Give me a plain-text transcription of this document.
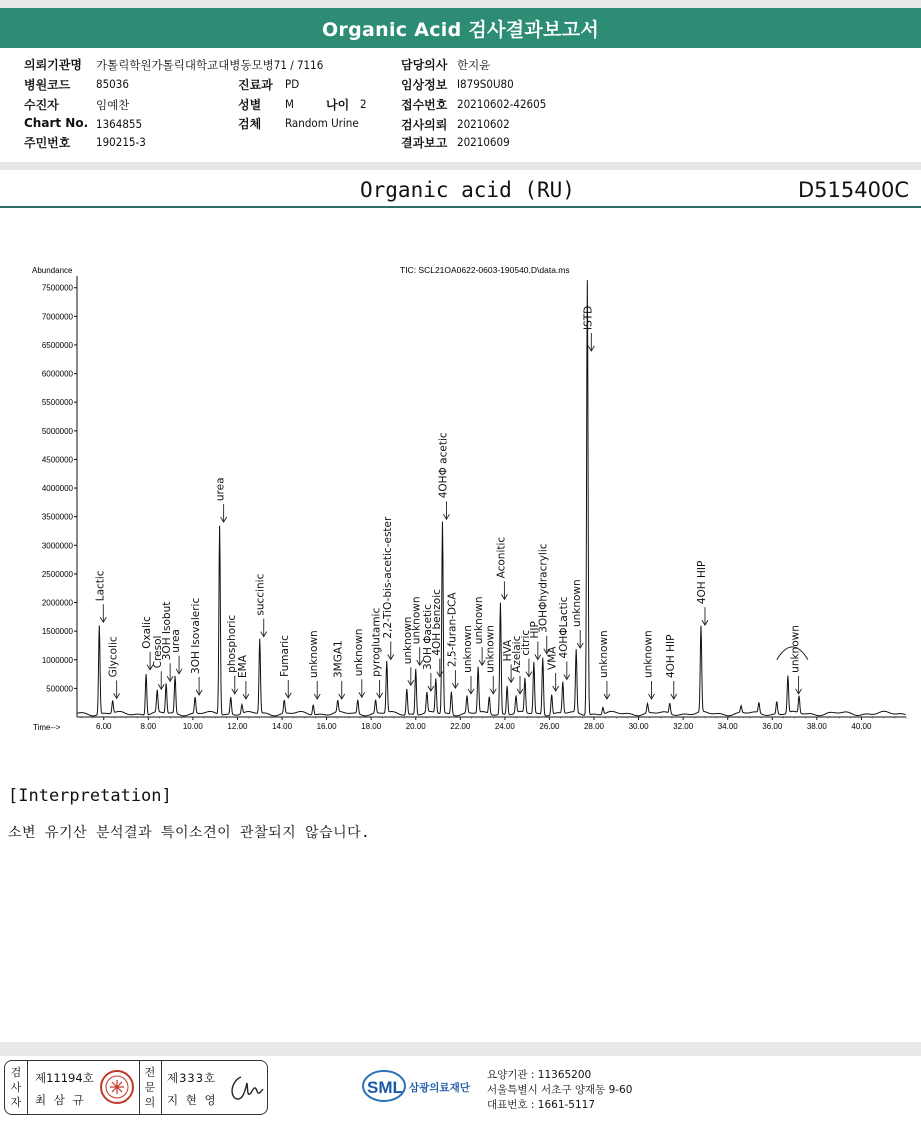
Organic Acid 검사결과보고서
의뢰기관명 가톨릭학원가톨릭대학교대병동모병71 / 7116
병원코드 85036	진료과 PD
수진자	임예찬	성별 M	나이 2
Chart No. 1364855	검체 Random Urine
주민번호 190215-3
담당의사 한지윤
임상정보 I879S0U80
접수번호 20210602-42605
검사의뢰 20210602
결과보고 20210609
Organic acid (RU)	D515400C
500000
1000000
1500000
2000000
2500000
3000000
3500000
4000000
4500000
5000000
5500000
6000000
6500000
7000000
7500000
6.00	8.00	10.00	12.00	14.00	16.00	18.00	20.00	22.00	24.00	26.00	28.00	30.00	32.00	34.00	36.00	38.00	40.00
Lactic
Glycolic
Oxalic
Cresol
3OH Isobut
urea 3OH Isovaleric
urea
phosphoric EMA
succinic
Fumaric unknown 3MGA1 unknown pyroglutamic
2,2-TiO-bis-acetic-ester
unknown
unknown 3OH Φacetic
4OH benzoic
4OHΦ acetic
2,5-furan-DCA unknown
unknown
unknown
Aconitic
HVA
Azelaic
citric
HIP
3OHΦhydracrylic
VMA 4OHΦLactic unknown
ISTD
unknown	unknown 4OH HIP
4OH HIP
unknown
TIC: SCL21OA0622-0603-190540.D\data.ms
Abundance
Time-->
[Interpretation]
소변 유기산 분석결과 특이소견이 관찰되지 않습니다.
검사자
제11194호
최 삼 규
전문의
제333호
지 현 영
SML 삼광의료재단
요양기관 : 11365200
서울특별시 서초구 양재동 9-60
대표번호 : 1661-5117
